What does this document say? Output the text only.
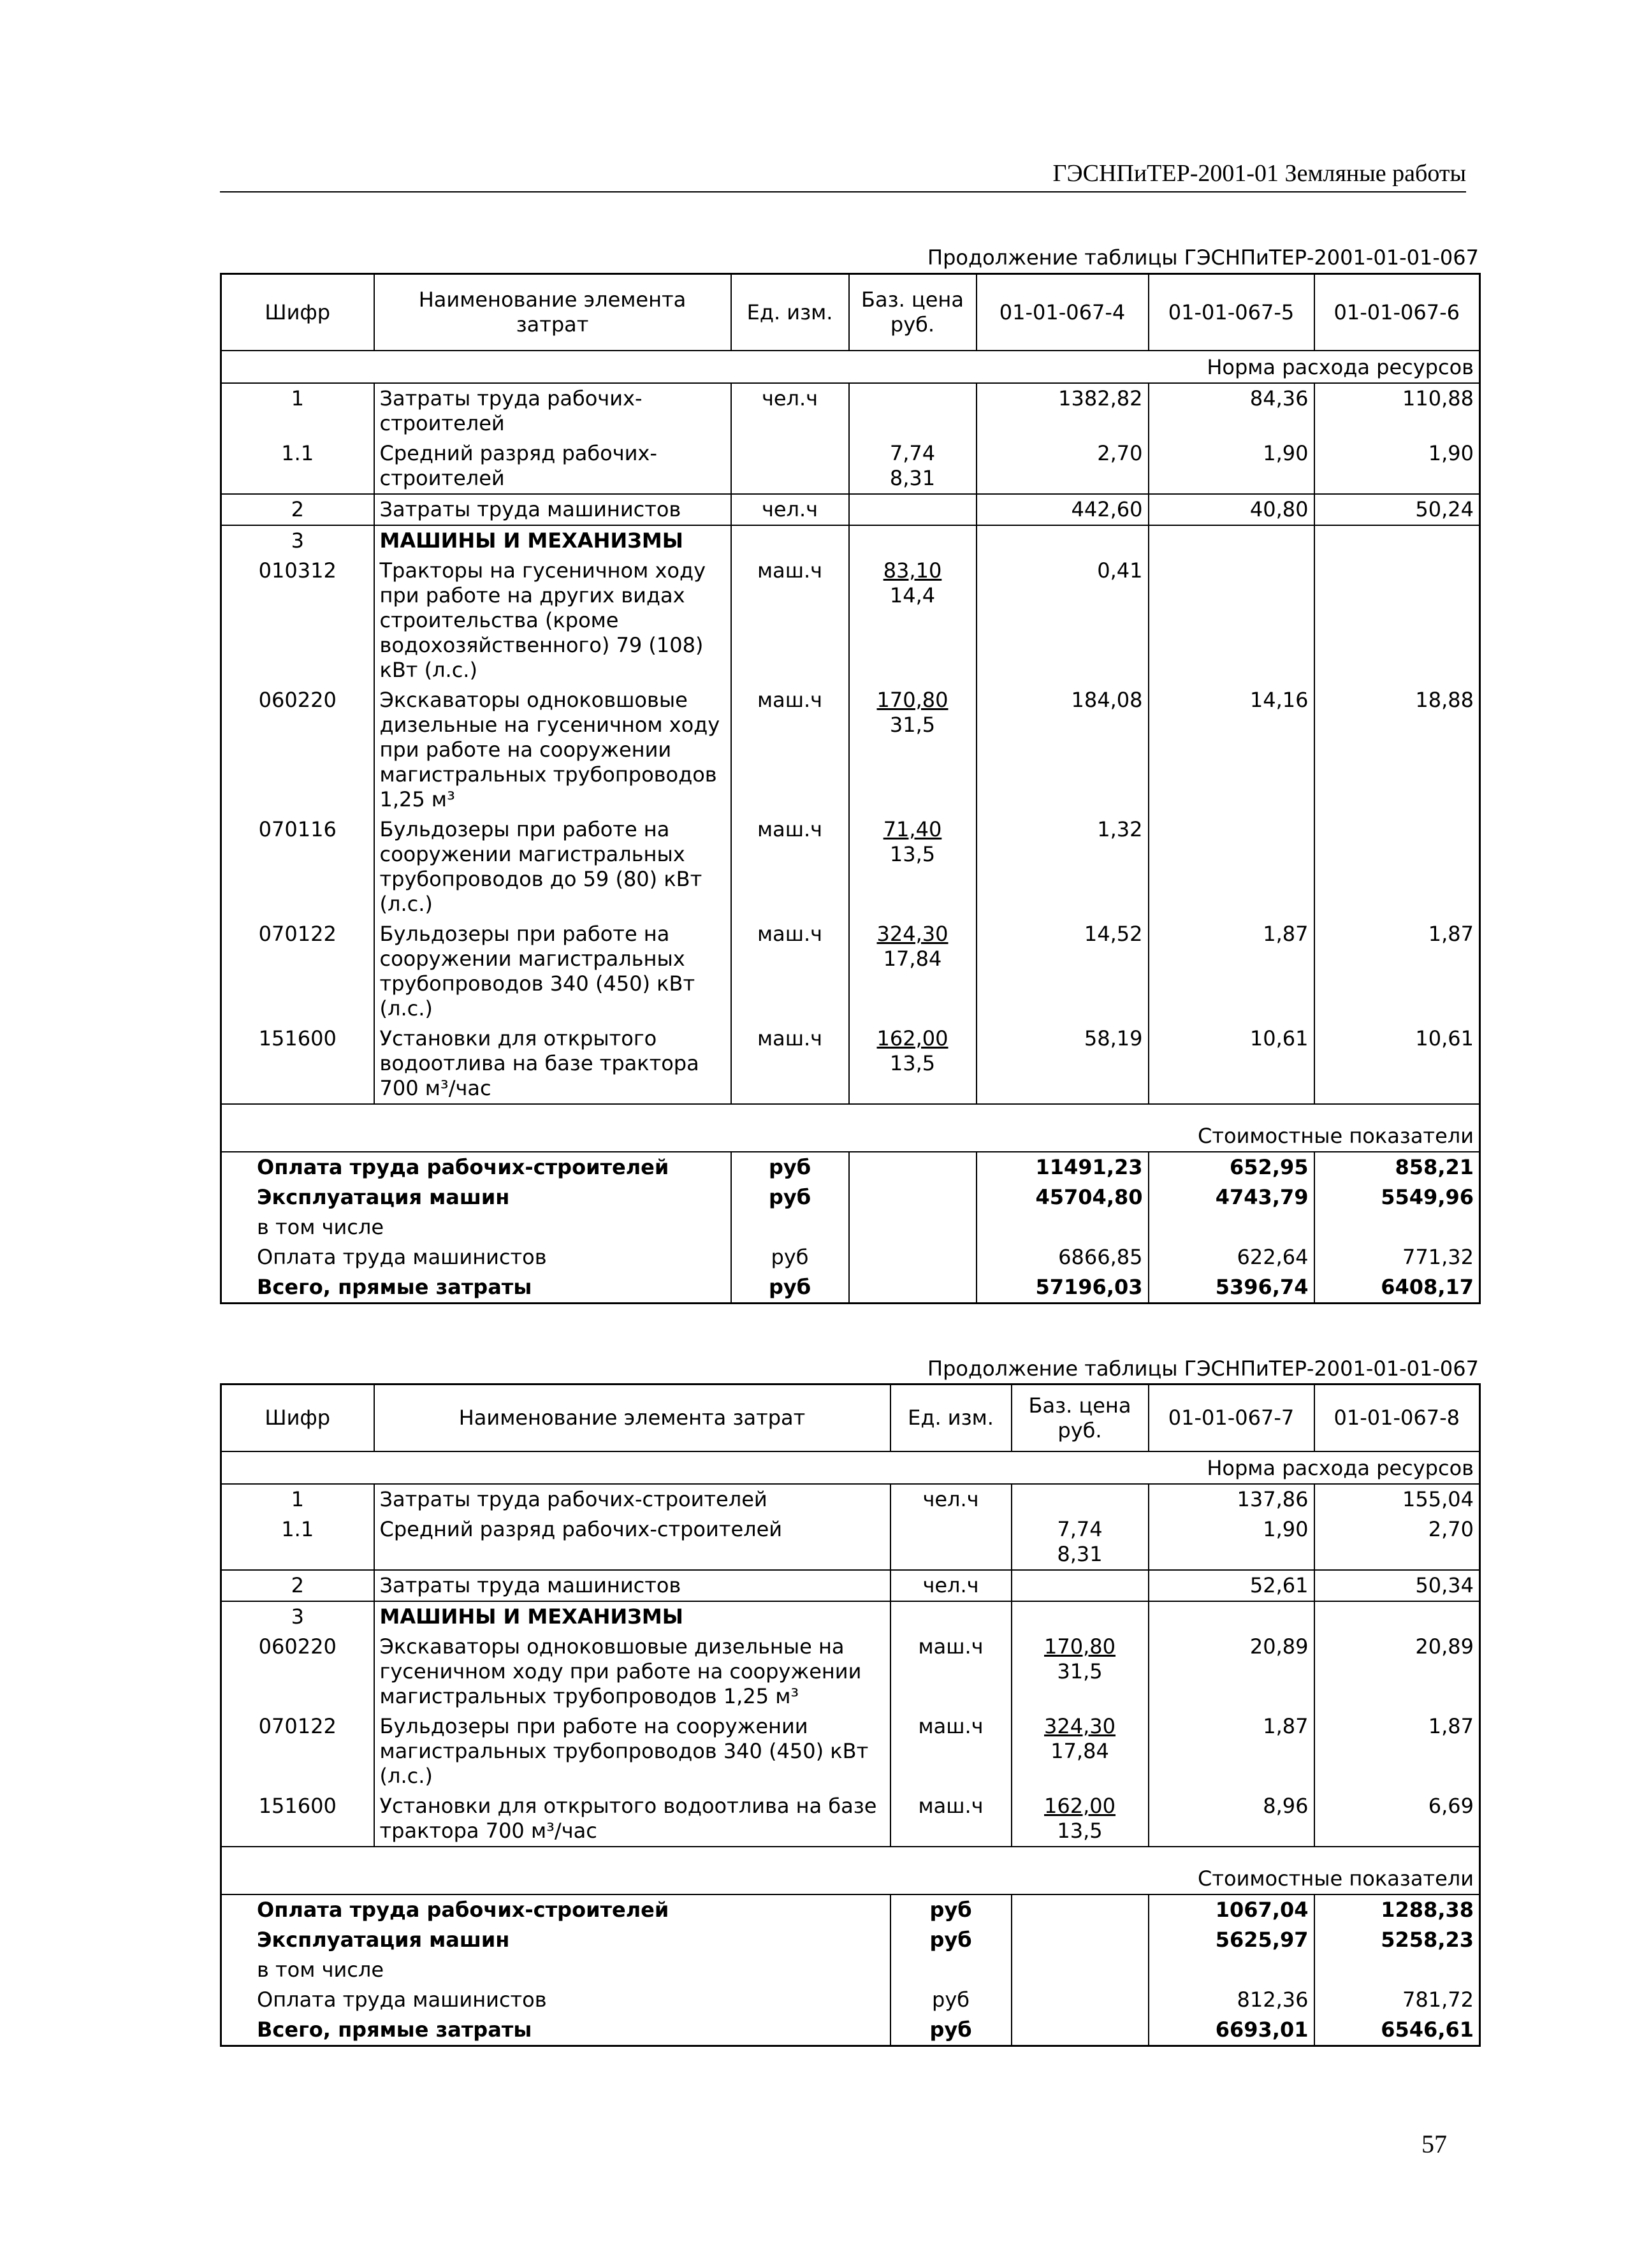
ГЭСНПиТЕР-2001-01 Земляные работы
Продолжение таблицы ГЭСНПиТЕР-2001-01-01-067
Шифр	Наименование элемента затрат	Ед. изм.	Баз. цена руб.	01-01-067-4	01-01-067-5	01-01-067-6
Норма расхода ресурсов						
1	Затраты труда рабочих-строителей	чел.ч		1382,82	84,36	110,88
1.1	Средний разряд рабочих-строителей		7,74
8,31	2,70	1,90	1,90
2	Затраты труда машинистов	чел.ч		442,60	40,80	50,24
3	МАШИНЫ И МЕХАНИЗМЫ		

010312	Тракторы на гусеничном ходу при работе на других видах строительства (кроме водохозяйственного) 79 (108) кВт (л.с.)	маш.ч	83,10
14,4	0,41		
060220	Экскаваторы одноковшовые дизельные на гусеничном ходу при работе на сооружении магистральных трубопроводов 1,25 м³	маш.ч	170,80
31,5	184,08	14,16	18,88
070116	Бульдозеры при работе на сооружении магистральных трубопроводов до 59 (80) кВт (л.с.)	маш.ч	71,40
13,5	1,32		
070122	Бульдозеры при работе на сооружении магистральных трубопроводов 340 (450) кВт (л.с.)	маш.ч	324,30
17,84	14,52	1,87	1,87
151600	Установки для открытого водоотлива на базе трактора 700 м³/час	маш.ч	162,00
13,5	58,19	10,61	10,61
Стоимостные показатели						
Оплата труда рабочих-строителей		руб		11491,23	652,95	858,21
Эксплуатация машин		руб		45704,80	4743,79	5549,96
в том числе						
Оплата труда машинистов		руб		6866,85	622,64	771,32
Всего, прямые затраты		руб		57196,03	5396,74	6408,17
Продолжение таблицы ГЭСНПиТЕР-2001-01-01-067
Шифр	Наименование элемента затрат	Ед. изм.	Баз. цена руб.	01-01-067-7	01-01-067-8
Норма расхода ресурсов					
1	Затраты труда рабочих-строителей	чел.ч		137,86	155,04
1.1	Средний разряд рабочих-строителей		7,74
8,31	1,90	2,70
2	Затраты труда машинистов	чел.ч		52,61	50,34
3	МАШИНЫ И МЕХАНИЗМЫ		

060220	Экскаваторы одноковшовые дизельные на гусеничном ходу при работе на сооружении магистральных трубопроводов 1,25 м³	маш.ч	170,80
31,5	20,89	20,89
070122	Бульдозеры при работе на сооружении магистральных трубопроводов 340 (450) кВт (л.с.)	маш.ч	324,30
17,84	1,87	1,87
151600	Установки для открытого водоотлива на базе трактора 700 м³/час	маш.ч	162,00
13,5	8,96	6,69
Стоимостные показатели					
Оплата труда рабочих-строителей		руб		1067,04	1288,38
Эксплуатация машин		руб		5625,97	5258,23
в том числе					
Оплата труда машинистов		руб		812,36	781,72
Всего, прямые затраты		руб		6693,01	6546,61
57
